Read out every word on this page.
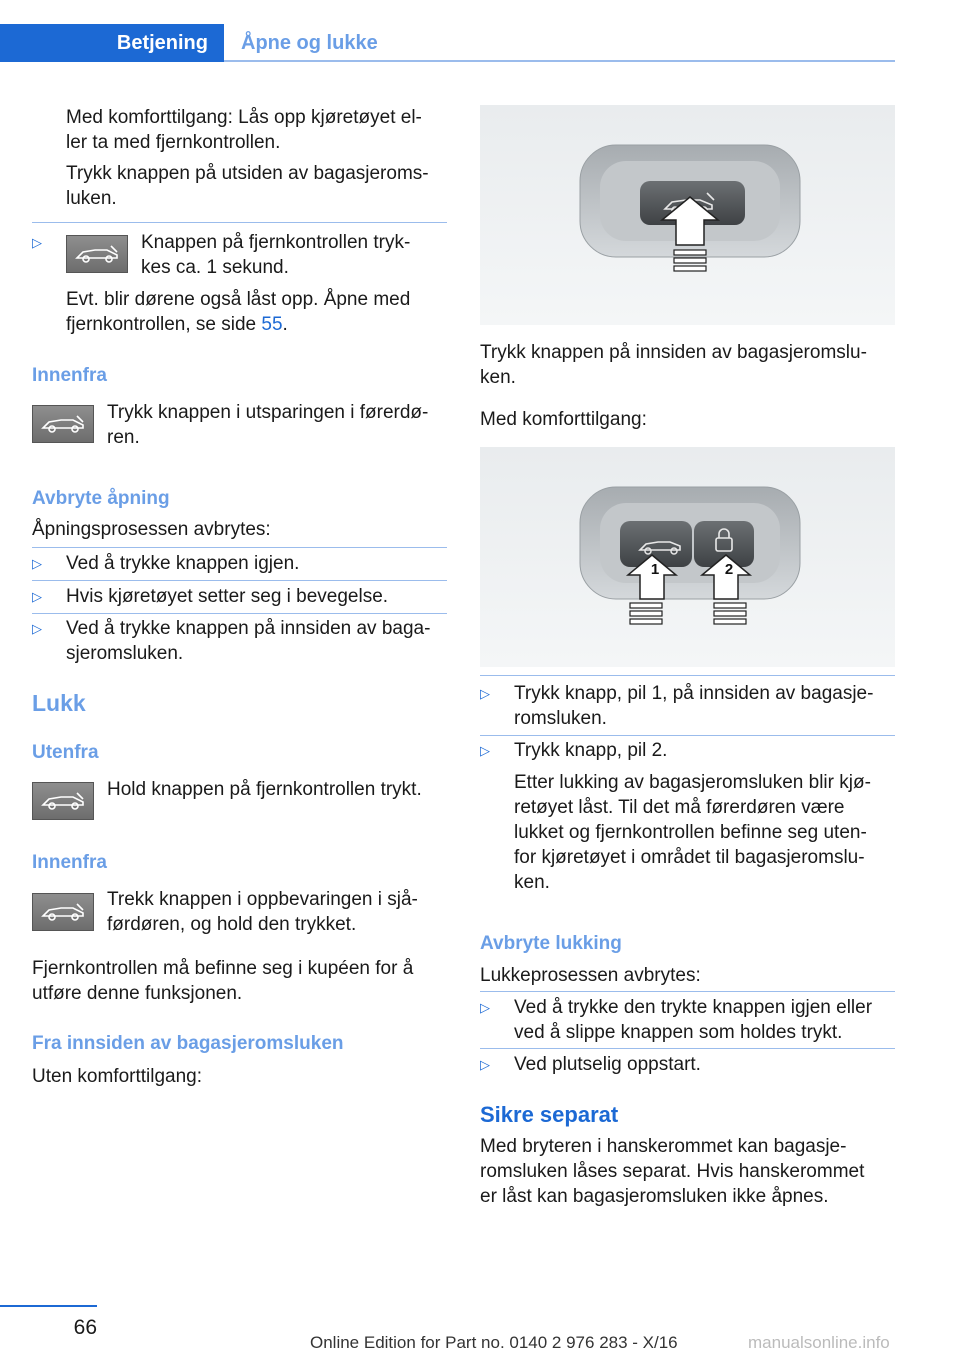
Betjening	Åpne og lukke
Med komforttilgang: Lås opp kjøretøyet el-
ler ta med fjernkontrollen.
Trykk knappen på utsiden av bagasjeroms-
luken.
▷	Knappen på fjernkontrollen tryk-
kes ca. 1 sekund.
Evt. blir dørene også låst opp. Åpne med
fjernkontrollen, se side 55.
Innenfra
Trykk knappen i utsparingen i førerdø-
ren.
Avbryte åpning
Åpningsprosessen avbrytes:
▷ Ved å trykke knappen igjen.
▷ Hvis kjøretøyet setter seg i bevegelse.
▷ Ved å trykke knappen på innsiden av baga-
sjeromsluken.
Lukk
Utenfra
Hold knappen på fjernkontrollen trykt.
Innenfra
Trekk knappen i oppbevaringen i sjå-
førdøren, og hold den trykket.
Fjernkontrollen må befinne seg i kupéen for å
utføre denne funksjonen.
Fra innsiden av bagasjeromsluken
Uten komforttilgang:
Trykk knappen på innsiden av bagasjeromslu-
ken.
Med komforttilgang:
1	2
▷ Trykk knapp, pil 1, på innsiden av bagasje-
romsluken.
▷ Trykk knapp, pil 2.
Etter lukking av bagasjeromsluken blir kjø-
retøyet låst. Til det må førerdøren være
lukket og fjernkontrollen befinne seg uten-
for kjøretøyet i området til bagasjeromslu-
ken.
Avbryte lukking
Lukkeprosessen avbrytes:
▷ Ved å trykke den trykte knappen igjen eller
ved å slippe knappen som holdes trykt.
▷ Ved plutselig oppstart.
Sikre separat
Med bryteren i hanskerommet kan bagasje-
romsluken låses separat. Hvis hanskerommet
er låst kan bagasjeromsluken ikke åpnes.
66
Online Edition for Part no. 0140 2 976 283 - X/16	manualsonline.info
